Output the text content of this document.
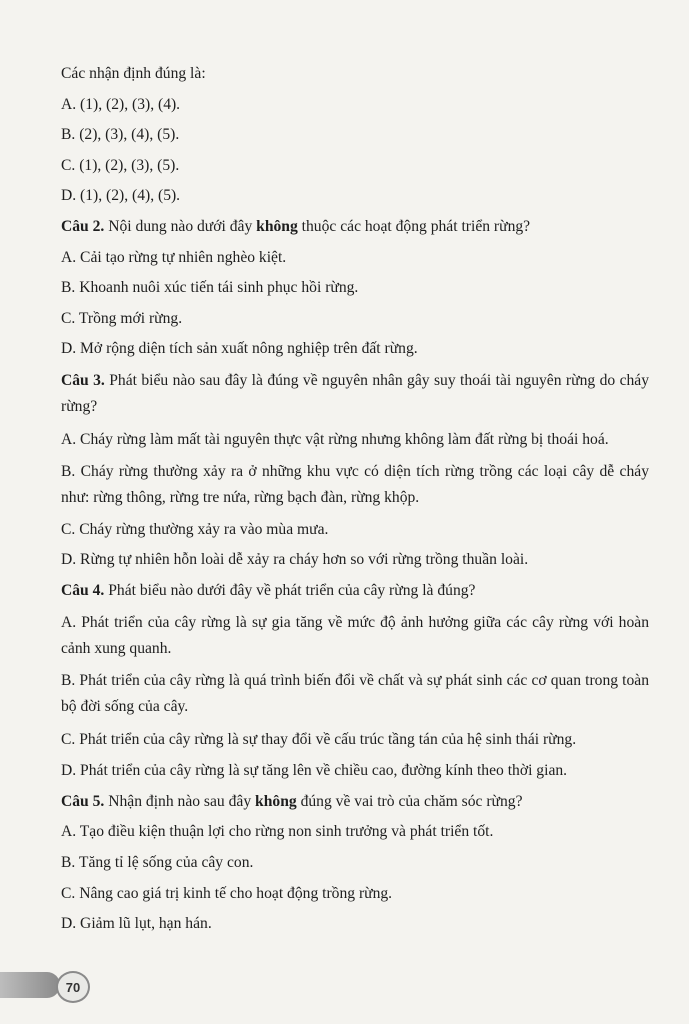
Các nhận định đúng là:

A. (1), (2), (3), (4).

B. (2), (3), (4), (5).

C. (1), (2), (3), (5).

D. (1), (2), (4), (5).

Câu 2. Nội dung nào dưới đây không thuộc các hoạt động phát triển rừng?

A. Cải tạo rừng tự nhiên nghèo kiệt.

B. Khoanh nuôi xúc tiến tái sinh phục hồi rừng.

C. Trồng mới rừng.

D. Mở rộng diện tích sản xuất nông nghiệp trên đất rừng.

Câu 3. Phát biểu nào sau đây là đúng về nguyên nhân gây suy thoái tài nguyên rừng do cháy rừng?

A. Cháy rừng làm mất tài nguyên thực vật rừng nhưng không làm đất rừng bị thoái hoá.

B. Cháy rừng thường xảy ra ở những khu vực có diện tích rừng trồng các loại cây dễ cháy như: rừng thông, rừng tre nứa, rừng bạch đàn, rừng khộp.

C. Cháy rừng thường xảy ra vào mùa mưa.

D. Rừng tự nhiên hỗn loài dễ xảy ra cháy hơn so với rừng trồng thuần loài.

Câu 4. Phát biểu nào dưới đây về phát triển của cây rừng là đúng?

A. Phát triển của cây rừng là sự gia tăng về mức độ ảnh hưởng giữa các cây rừng với hoàn cảnh xung quanh.

B. Phát triển của cây rừng là quá trình biến đổi về chất và sự phát sinh các cơ quan trong toàn bộ đời sống của cây.

C. Phát triển của cây rừng là sự thay đổi về cấu trúc tầng tán của hệ sinh thái rừng.

D. Phát triển của cây rừng là sự tăng lên về chiều cao, đường kính theo thời gian.

Câu 5. Nhận định nào sau đây không đúng về vai trò của chăm sóc rừng?

A. Tạo điều kiện thuận lợi cho rừng non sinh trưởng và phát triển tốt.

B. Tăng tỉ lệ sống của cây con.

C. Nâng cao giá trị kinh tế cho hoạt động trồng rừng.

D. Giảm lũ lụt, hạn hán.

70
